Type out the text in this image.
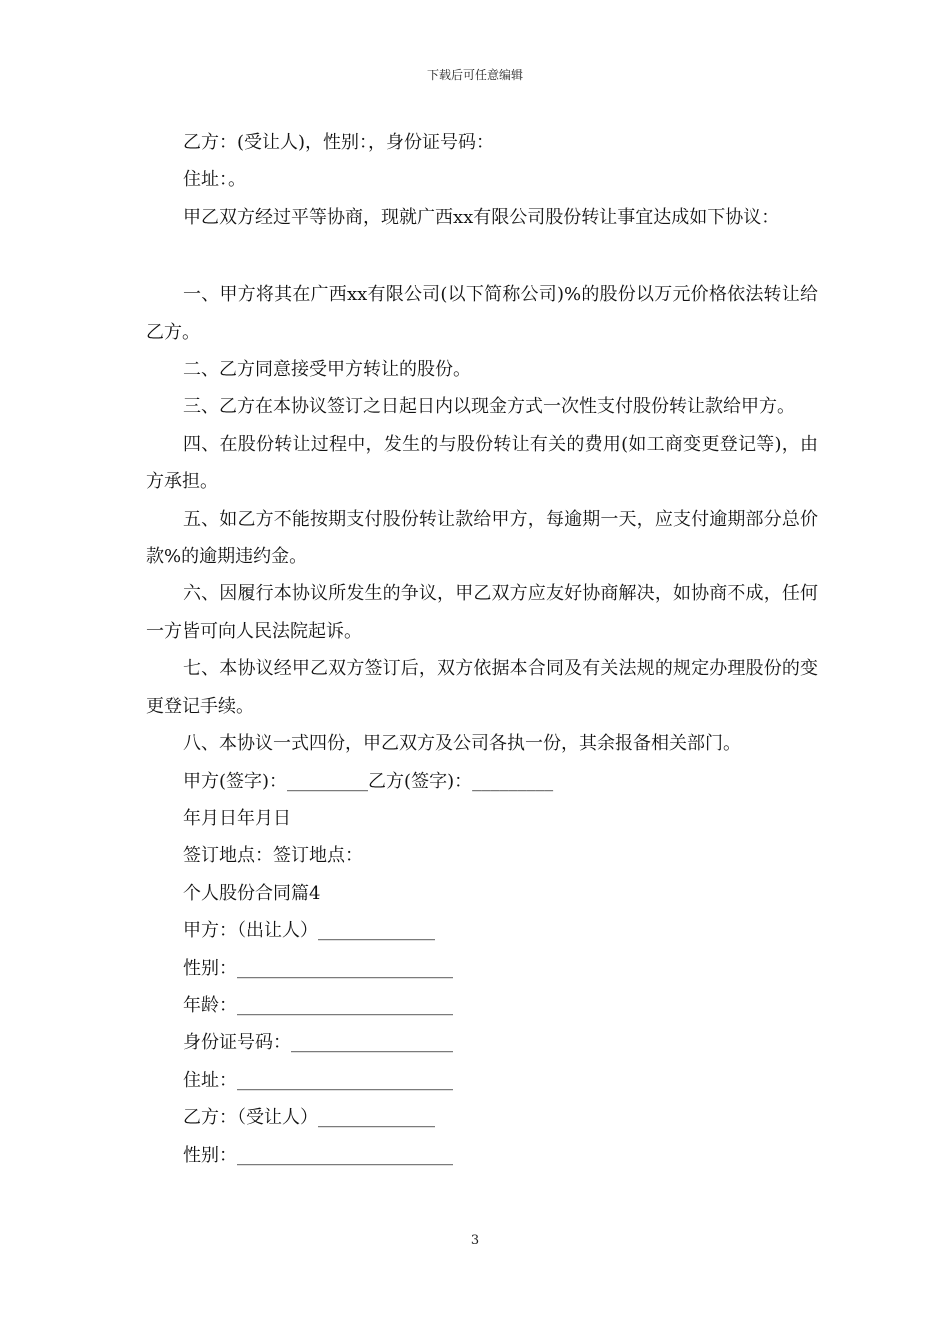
下载后可任意编辑

乙方：(受让人)，性别：，身份证号码：

住址：。

甲乙双方经过平等协商，现就广西xx有限公司股份转让事宜达成如下协议：

一、甲方将其在广西xx有限公司(以下简称公司)%的股份以万元价格依法转让给乙方。

二、乙方同意接受甲方转让的股份。

三、乙方在本协议签订之日起日内以现金方式一次性支付股份转让款给甲方。

四、在股份转让过程中，发生的与股份转让有关的费用(如工商变更登记等)，由方承担。

五、如乙方不能按期支付股份转让款给甲方，每逾期一天，应支付逾期部分总价款%的逾期违约金。

六、因履行本协议所发生的争议，甲乙双方应友好协商解决，如协商不成，任何一方皆可向人民法院起诉。

七、本协议经甲乙双方签订后，双方依据本合同及有关法规的规定办理股份的变更登记手续。

八、本协议一式四份，甲乙双方及公司各执一份，其余报备相关部门。

甲方(签字)：_________乙方(签字)：_________

年月日年月日

签订地点：签订地点：

个人股份合同篇4

甲方：（出让人）_____________

性别：________________________

年龄：________________________

身份证号码：__________________

住址：________________________

乙方：（受让人）_____________

性别：________________________

3
